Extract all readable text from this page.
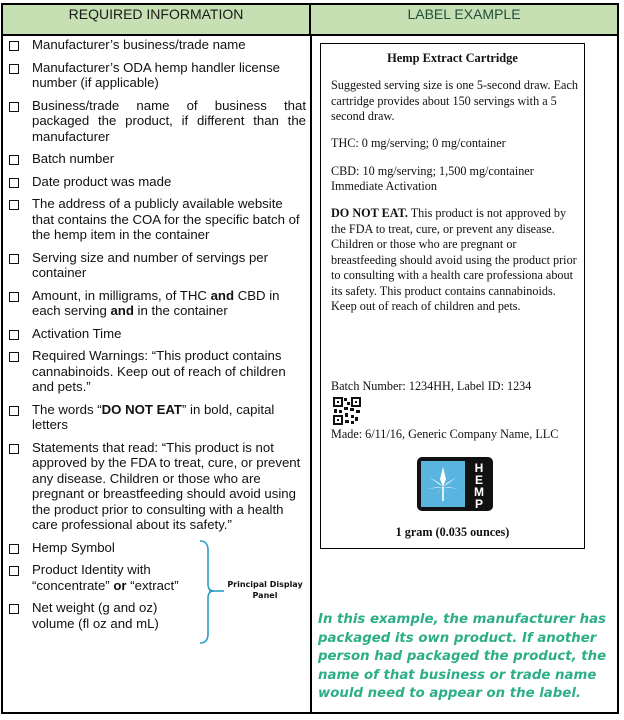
REQUIRED INFORMATION	LABEL EXAMPLE
Manufacturer’s business/trade name
Manufacturer’s ODA hemp handler license number (if applicable)
Business/trade name of business that packaged the product, if different than the manufacturer
Batch number
Date product was made
The address of a publicly available website that contains the COA for the specific batch of the hemp item in the container
Serving size and number of servings per container
Amount, in milligrams, of THC and CBD in each serving and in the container
Activation Time
Required Warnings: “This product contains cannabinoids. Keep out of reach of children and pets.”
The words “DO NOT EAT” in bold, capital letters
Statements that read: “This product is not approved by the FDA to treat, cure, or prevent any disease. Children or those who are pregnant or breastfeeding should avoid using the product prior to consulting with a health care professional about its safety.”
Hemp Symbol
Product Identity with “concentrate” or “extract”
Net weight (g and oz) volume (fl oz and mL)
Principal Display
Panel
Hemp Extract Cartridge
Suggested serving size is one 5-second draw. Each cartridge provides about 150 servings with a 5 second draw.
THC: 0 mg/serving; 0 mg/container
CBD: 10 mg/serving; 1,500 mg/container
Immediate Activation
DO NOT EAT. This product is not approved by the FDA to treat, cure, or prevent any disease. Children or those who are pregnant or breastfeeding should avoid using the product prior to consulting with a health care professiona about its safety. This product contains cannabinoids. Keep out of reach of children and pets.
Batch Number: 1234HH, Label ID: 1234
Made: 6/11/16, Generic Company Name, LLC
H
E
M
P
1 gram (0.035 ounces)
In this example, the manufacturer has packaged its own product. If another person had packaged the product, the name of that business or trade name would need to appear on the label.
